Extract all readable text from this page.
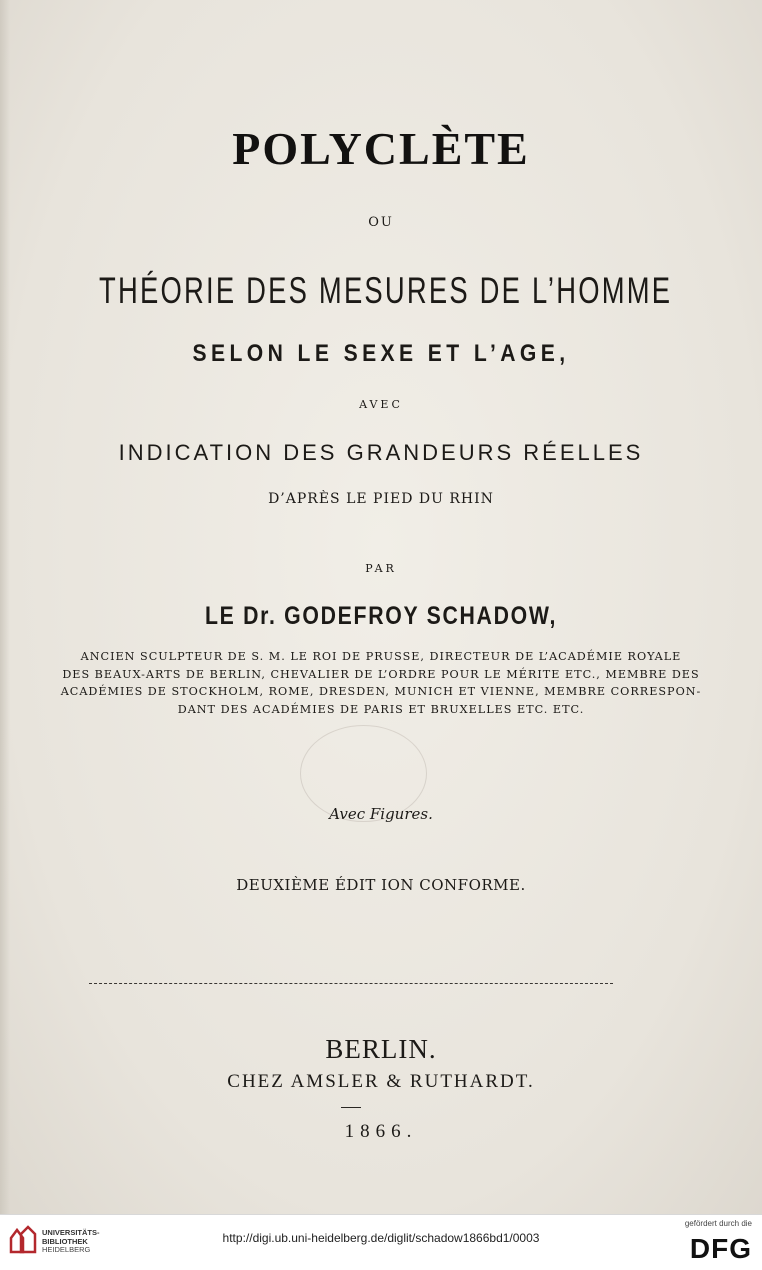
POLYCLÈTE
OU
THÉORIE DES MESURES DE L’HOMME
SELON LE SEXE ET L’AGE,
AVEC
INDICATION DES GRANDEURS RÉELLES
D’APRÈS LE PIED DU RHIN
PAR
LE Dr. GODEFROY SCHADOW,
ANCIEN SCULPTEUR DE S. M. LE ROI DE PRUSSE, DIRECTEUR DE L’ACADÉMIE ROYALE
DES BEAUX-ARTS DE BERLIN, CHEVALIER DE L’ORDRE POUR LE MÉRITE ETC., MEMBRE DES
ACADÉMIES DE STOCKHOLM, ROME, DRESDEN, MUNICH ET VIENNE, MEMBRE CORRESPON-
DANT DES ACADÉMIES DE PARIS ET BRUXELLES ETC. ETC.
Avec Figures.
DEUXIÈME ÉDIT ION CONFORME.
BERLIN.
CHEZ AMSLER & RUTHARDT.
1866.
UNIVERSITÄTS-
BIBLIOTHEK
HEIDELBERG
http://digi.ub.uni-heidelberg.de/diglit/schadow1866bd1/0003
gefördert durch die
DFG
